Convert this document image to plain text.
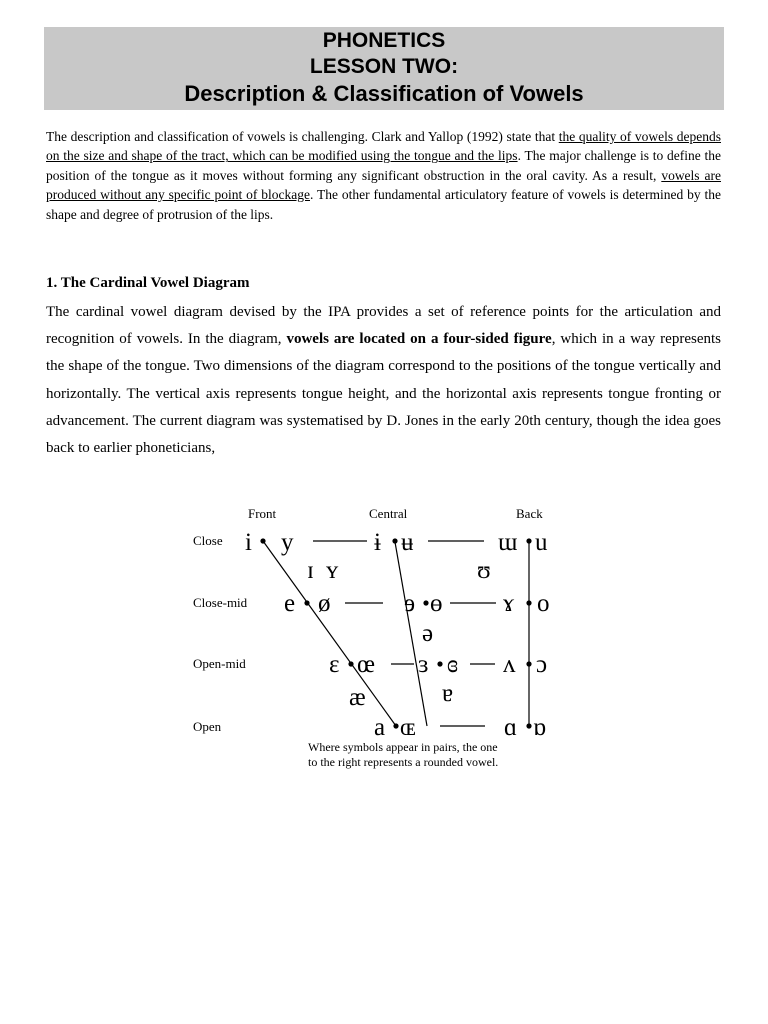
PHONETICS
LESSON TWO:
Description & Classification of Vowels
The description and classification of vowels is challenging. Clark and Yallop (1992) state that the quality of vowels depends on the size and shape of the tract, which can be modified using the tongue and the lips. The major challenge is to define the position of the tongue as it moves without forming any significant obstruction in the oral cavity. As a result, vowels are produced without any specific point of blockage. The other fundamental articulatory feature of vowels is determined by the shape and degree of protrusion of the lips.
1. The Cardinal Vowel Diagram
The cardinal vowel diagram devised by the IPA provides a set of reference points for the articulation and recognition of vowels. In the diagram, vowels are located on a four-sided figure, which in a way represents the shape of the tongue. Two dimensions of the diagram correspond to the positions of the tongue vertically and horizontally. The vertical axis represents tongue height, and the horizontal axis represents tongue fronting or advancement. The current diagram was systematised by D. Jones in the early 20th century, though the idea goes back to earlier phoneticians,
Front	Central	Back
Close
Close-mid
Open-mid
Open
i y	ɨ ʉ	ɯ u
ɪ ʏ	ʊ
e ø	ɘ ɵ ɤ o
ə
ɛ œ ɜ ɞ ʌ ɔ
æ	ɐ
a ɶ	ɑ ɒ
Where symbols appear in pairs, the one
to the right represents a rounded vowel.
